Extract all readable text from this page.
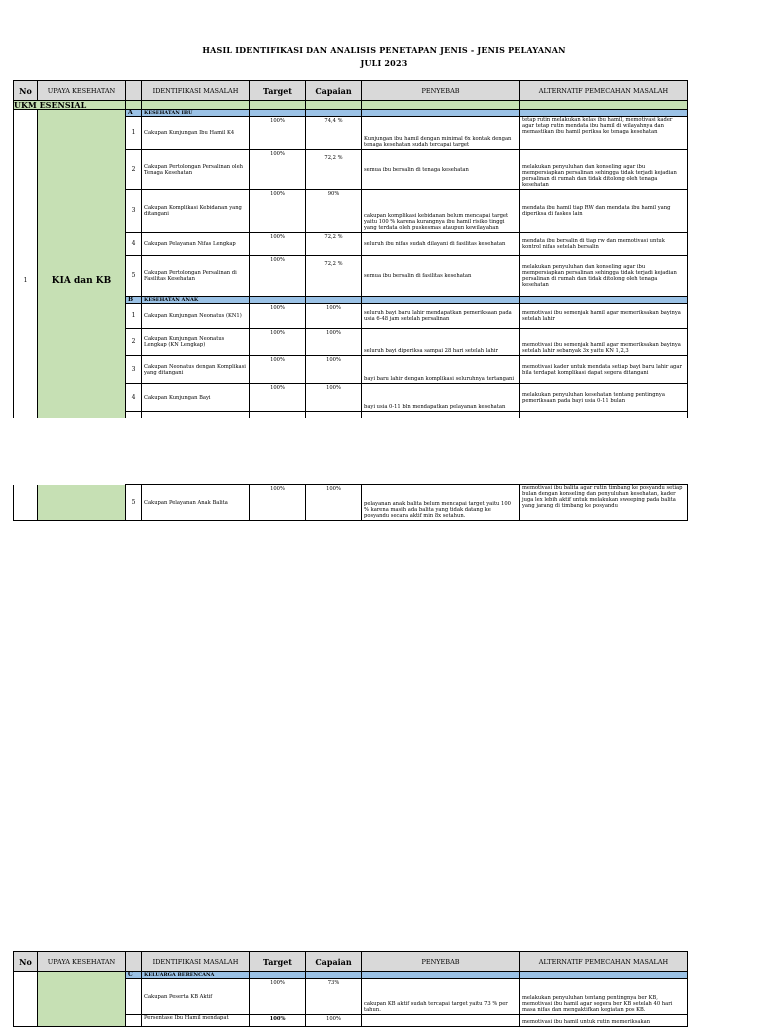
HASIL IDENTIFIKASI DAN ANALISIS PENETAPAN JENIS - JENIS PELAYANAN
JULI 2023
No	UPAYA KESEHATAN		IDENTIFIKASI MASALAH	Target	Capaian	PENYEBAB	ALTERNATIF PEMECAHAN MASALAH
UKM ESENSIAL							
1	KIA dan KB	A	KESEHATAN IBU				
		1	Cakupan Kunjungan Ibu Hamil K4	100%	74,4 %	Kunjungan ibu hamil dengan minimal 6x kontak dengan tenaga kesehatan sudah tercapai target	tetap rutin melakukan kelas ibu hamil, memotivasi kader agar tetap rutin mendata ibu hamil di wilayahnya dan memastikan ibu hamil periksa ke tenaga kesehatan
		2	Cakupan Pertolongan Persalinan oleh Tenaga Kesehatan	100%	72,2 %	semua ibu bersalin di tenaga kesehatan	melakukan penyuluhan dan konseling agar ibu mempersiapkan persalinan sehingga tidak terjadi kejadian persalinan di rumah dan tidak ditolong oleh tenaga kesehatan
		3	Cakupan Komplikasi Kebidanan yang ditangani	100%	90%	cakupan komplikasi kebidanan belum mencapai target yaitu 100 % karena kurangnya ibu hamil risiko tinggi yang terdata oleh puskesmas ataupun kewilayahan	mendata ibu hamil tiap RW dan mendata ibu hamil yang diperiksa di faskes lain
		4	Cakupan Pelayanan Nifas Lengkap	100%	72,2 %	seluruh ibu nifas sudah dilayani di fasilitas kesehatan	mendata ibu bersalin di tiap rw dan memotivasi untuk kontrol nifas setelah bersalin
		5	Cakupan Pertolongan Persalinan di Fasilitas Kesehatan	100%	72,2 %	semua ibu bersalin di fasilitas kesehatan	melakukan penyuluhan dan konseling agar ibu mempersiapkan persalinan sehingga tidak terjadi kejadian persalinan di rumah dan tidak ditolong oleh tenaga kesehatan
		B	KESEHATAN ANAK				
		1	Cakupan Kunjungan Neonatus (KN1)	100%	100%	seluruh bayi baru lahir mendapatkan pemeriksaan pada usia 6-48 jam setelah persalinan	memotivasi ibu semenjak hamil agar memeriksakan bayinya setelah lahir
		2	Cakupan Kunjungan Neonatus Lengkap (KN Lengkap)	100%	100%	seluruh bayi diperiksa sampai 28 hari setelah lahir	memotivasi ibu semenjak hamil agar memeriksakan bayinya setelah lahir sebanyak 3x yaitu KN 1,2,3
		3	Cakupan Neonatus dengan Komplikasi yang ditangani	100%	100%	bayi baru lahir dengan komplikasi seluruhnya tertangani	memotivasi kader untuk mendata setiap bayi baru lahir agar bila terdapat komplikasi dapat segera ditangani
		4	Cakupan Kunjungan Bayi	100%	100%	bayi usia 0-11 bln mendapatkan pelayanan kesehatan	melakukan penyuluhan kesehatan tentang pentingnya pemeriksaan pada bayi usia 0-11 bulan

		5	Cakupan Pelayanan Anak Balita	100%	100%	pelayanan anak balita belum mencapai target yaitu 100 % karena masih ada balita yang tidak datang ke posyandu secara aktif min 8x setahun.	memotivasi ibu balita agar rutin timbang ke posyandu setiap bulan dengan konseling dan penyuluhan kesehatan, kader juga lex lebih aktif untuk melakukan sweeping pada balita yang jarang di timbang ke posyandu
No	UPAYA KESEHATAN		IDENTIFIKASI MASALAH	Target	Capaian	PENYEBAB	ALTERNATIF PEMECAHAN MASALAH
		C	KELUARGA BERENCANA				
			Cakupan Peserta KB Aktif	100%	73%	cakupan KB aktif sudah tercapai target yaitu 73 % per tahun.	melakukan penyuluhan tentang pentingnya ber KB, memotivasi ibu hamil agar segera ber KB setelah 40 hari masa nifas dan mengaktifkan kegiatan pos KB.
			Persentase Ibu Hamil mendapat	100%	100%		memotivasi ibu hamil untuk rutin memeriksakan
